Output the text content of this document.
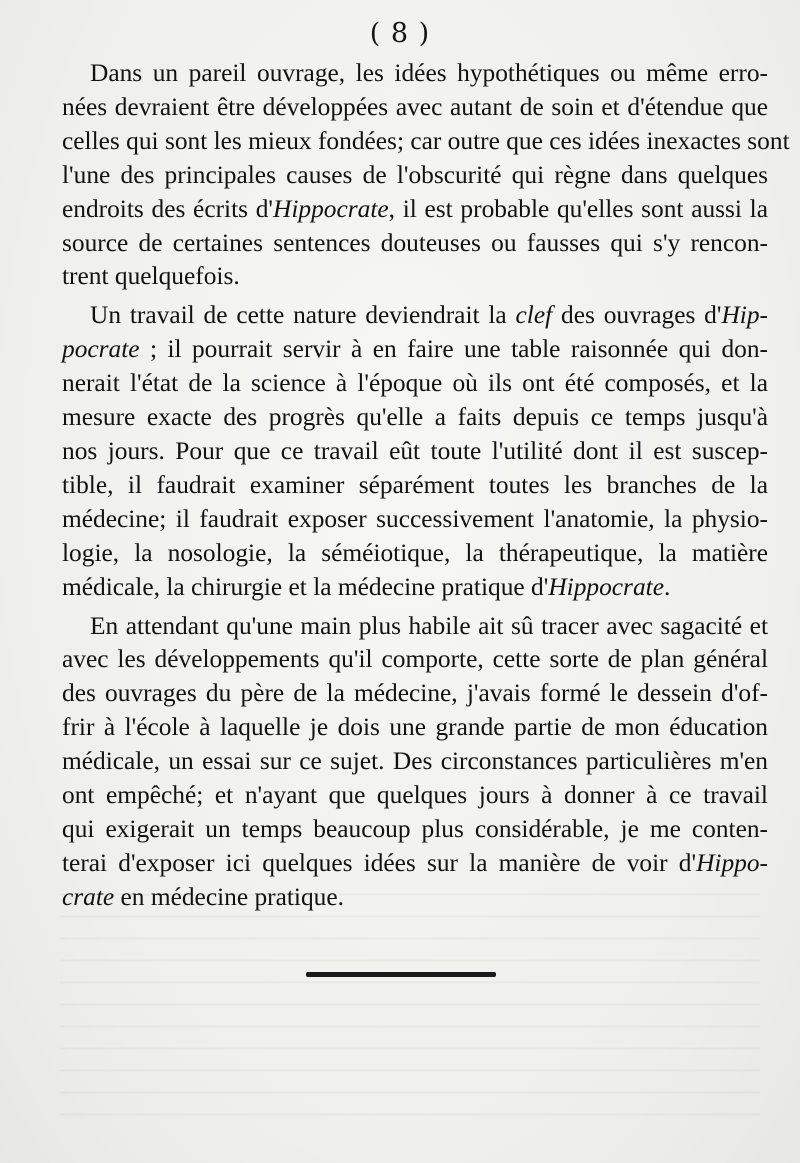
( 8 )
Dans un pareil ouvrage, les idées hypothétiques ou même erro-
nées devraient être développées avec autant de soin et d'étendue que
celles qui sont les mieux fondées; car outre que ces idées inexactes sont
l'une des principales causes de l'obscurité qui règne dans quelques
endroits des écrits d'Hippocrate, il est probable qu'elles sont aussi la
source de certaines sentences douteuses ou fausses qui s'y rencon-
trent quelquefois.
Un travail de cette nature deviendrait la clef des ouvrages d'Hip-
pocrate ; il pourrait servir à en faire une table raisonnée qui don-
nerait l'état de la science à l'époque où ils ont été composés, et la
mesure exacte des progrès qu'elle a faits depuis ce temps jusqu'à
nos jours. Pour que ce travail eût toute l'utilité dont il est suscep-
tible, il faudrait examiner séparément toutes les branches de la
médecine; il faudrait exposer successivement l'anatomie, la physio-
logie, la nosologie, la séméiotique, la thérapeutique, la matière
médicale, la chirurgie et la médecine pratique d'Hippocrate.
En attendant qu'une main plus habile ait sû tracer avec sagacité et
avec les développements qu'il comporte, cette sorte de plan général
des ouvrages du père de la médecine, j'avais formé le dessein d'of-
frir à l'école à laquelle je dois une grande partie de mon éducation
médicale, un essai sur ce sujet. Des circonstances particulières m'en
ont empêché; et n'ayant que quelques jours à donner à ce travail
qui exigerait un temps beaucoup plus considérable, je me conten-
terai d'exposer ici quelques idées sur la manière de voir d'Hippo-
crate en médecine pratique.
